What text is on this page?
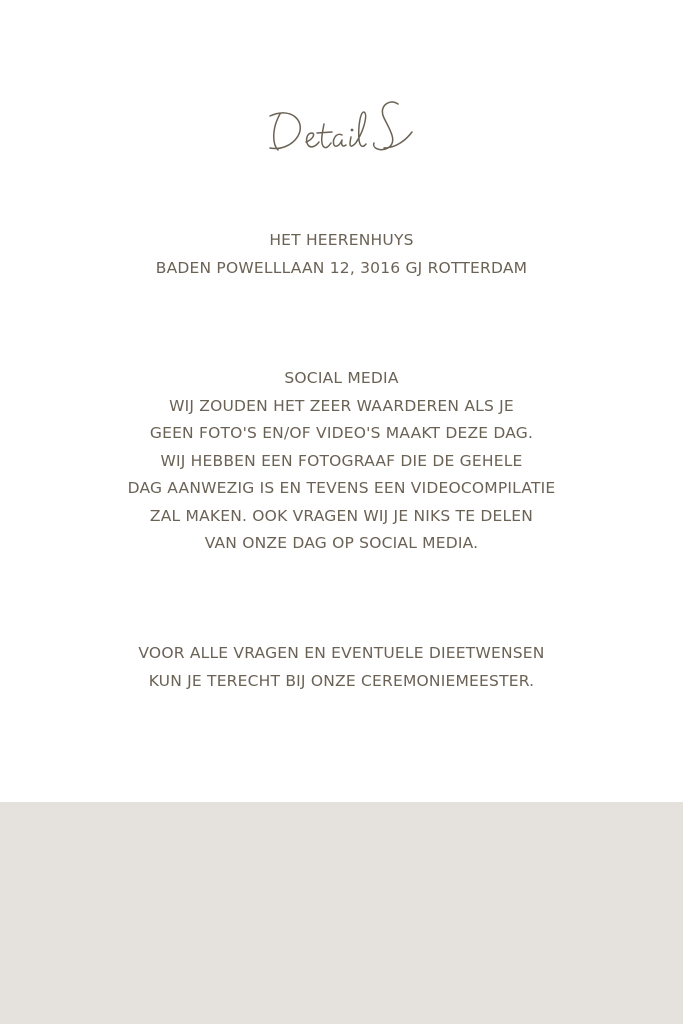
HET HEERENHUYS

BADEN POWELLLAAN 12, 3016 GJ ROTTERDAM

SOCIAL MEDIA

WIJ ZOUDEN HET ZEER WAARDEREN ALS JE

GEEN FOTO'S EN/OF VIDEO'S MAAKT DEZE DAG.

WIJ HEBBEN EEN FOTOGRAAF DIE DE GEHELE

DAG AANWEZIG IS EN TEVENS EEN VIDEOCOMPILATIE

ZAL MAKEN. OOK VRAGEN WIJ JE NIKS TE DELEN

VAN ONZE DAG OP SOCIAL MEDIA.

VOOR ALLE VRAGEN EN EVENTUELE DIEETWENSEN

KUN JE TERECHT BIJ ONZE CEREMONIEMEESTER.
